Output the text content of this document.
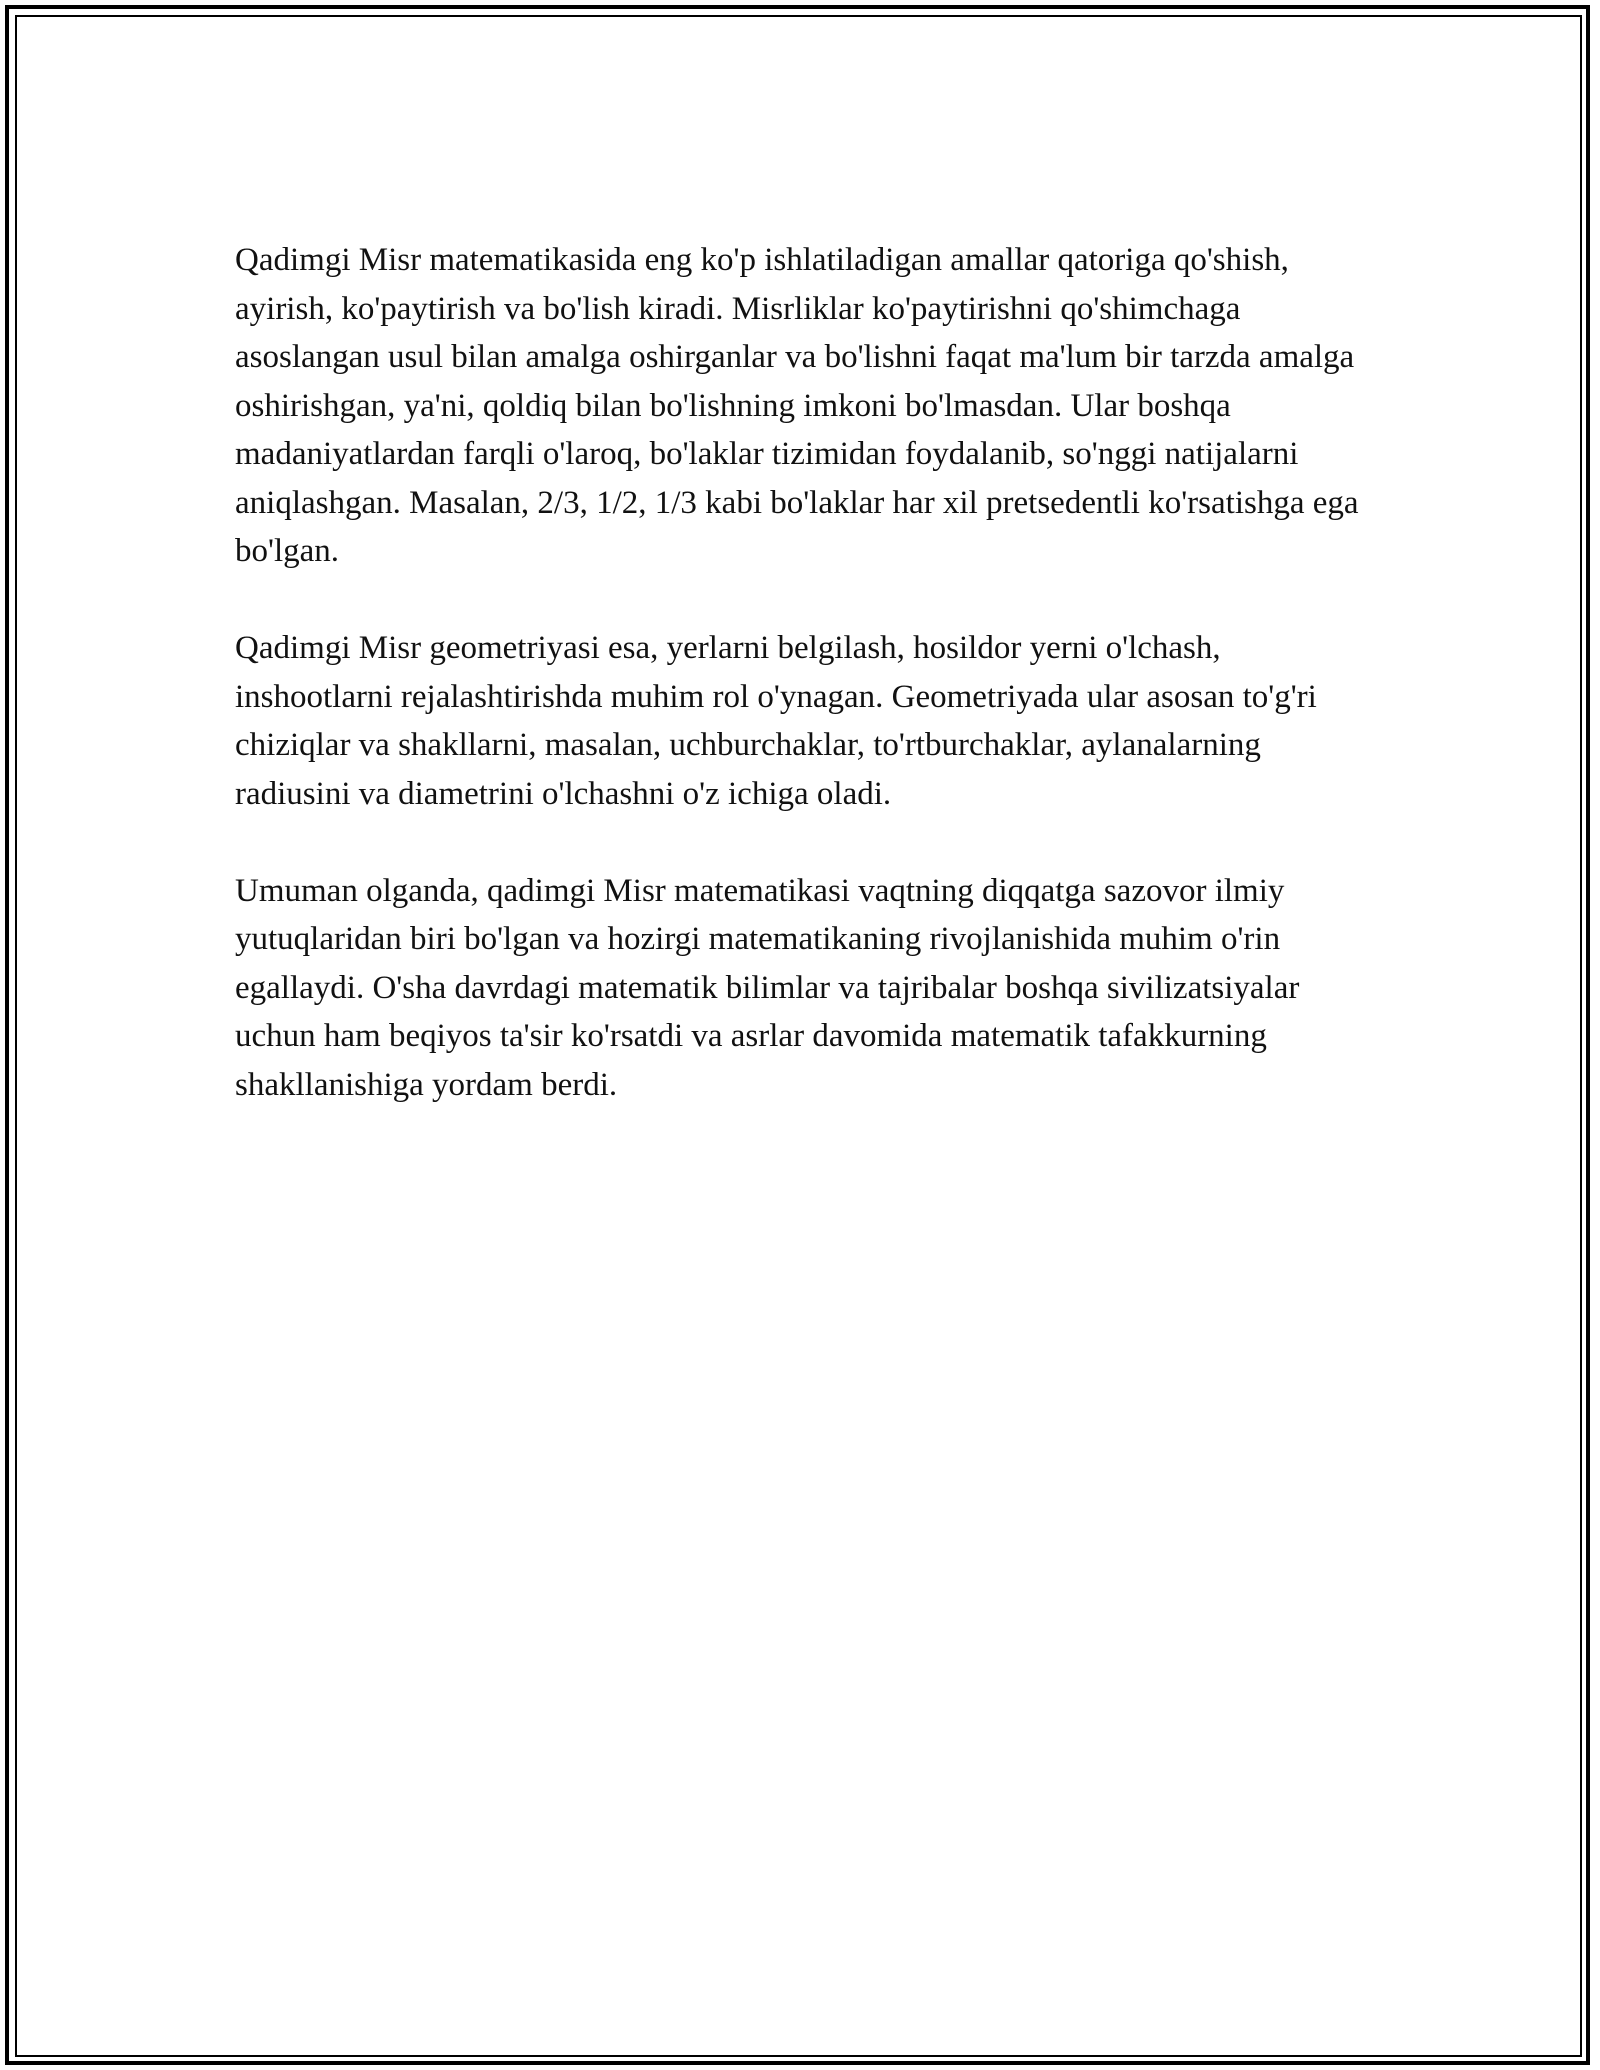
Qadimgi Misr matematikasida eng ko'p ishlatiladigan amallar qatoriga qo'shish, ayirish, ko'paytirish va bo'lish kiradi. Misrliklar ko'paytirishni qo'shimchaga asoslangan usul bilan amalga oshirganlar va bo'lishni faqat ma'lum bir tarzda amalga oshirishgan, ya'ni, qoldiq bilan bo'lishning imkoni bo'lmasdan. Ular boshqa madaniyatlardan farqli o'laroq, bo'laklar tizimidan foydalanib, so'nggi natijalarni aniqlashgan. Masalan, 2/3, 1/2, 1/3 kabi bo'laklar har xil pretsedentli ko'rsatishga ega bo'lgan.

Qadimgi Misr geometriyasi esa, yerlarni belgilash, hosildor yerni o'lchash, inshootlarni rejalashtirishda muhim rol o'ynagan. Geometriyada ular asosan to'g'ri chiziqlar va shakllarni, masalan, uchburchaklar, to'rtburchaklar, aylanalarning radiusini va diametrini o'lchashni o'z ichiga oladi.

Umuman olganda, qadimgi Misr matematikasi vaqtning diqqatga sazovor ilmiy yutuqlaridan biri bo'lgan va hozirgi matematikaning rivojlanishida muhim o'rin egallaydi. O'sha davrdagi matematik bilimlar va tajribalar boshqa sivilizatsiyalar uchun ham beqiyos ta'sir ko'rsatdi va asrlar davomida matematik tafakkurning shakllanishiga yordam berdi.
